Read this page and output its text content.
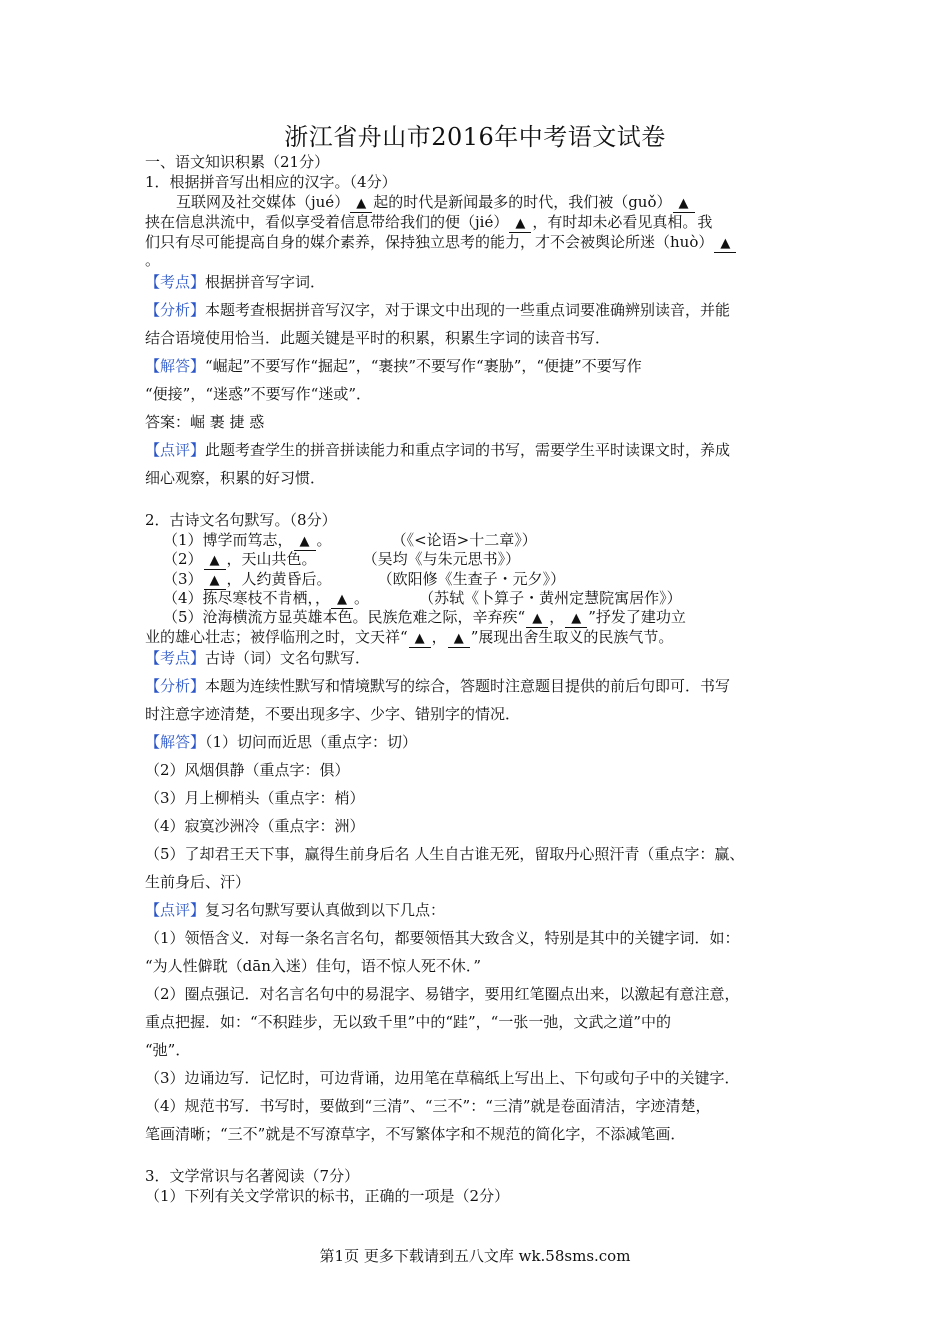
浙江省舟山市2016年中考语文试卷
一、语文知识积累（21分）
1．根据拼音写出相应的汉字。（4分）
互联网及社交媒体（jué） ▲ 起的时代是新闻最多的时代，我们被（guǒ） ▲
挟在信息洪流中，看似享受着信息带给我们的便（jié） ▲ ，有时却未必看见真相。我
们只有尽可能提高自身的媒介素养，保持独立思考的能力，才不会被舆论所迷（huò） ▲
。
【考点】根据拼音写字词．
【分析】本题考查根据拼音写汉字，对于课文中出现的一些重点词要准确辨别读音，并能
结合语境使用恰当．此题关键是平时的积累，积累生字词的读音书写．
【解答】“崛起”不要写作“掘起”，“裹挟”不要写作“裹胁”，“便捷”不要写作
“便接”，“迷惑”不要写作“迷或”．
答案：崛 裹 捷 惑
【点评】此题考查学生的拼音拼读能力和重点字词的书写，需要学生平时读课文时，养成
细心观察，积累的好习惯．
2．古诗文名句默写。（8分）
（1）博学而笃志， ▲ 。	（《<论语>十二章》）
（2） ▲ ，天山共色。	（吴均《与朱元思书》）
（3） ▲ ，人约黄昏后。	（欧阳修《生查子・元夕》）
（4）拣尽寒枝不肯栖，， ▲ 。	（苏轼《卜算子・黄州定慧院寓居作》）
（5）沧海横流方显英雄本色。民族危难之际，辛弃疾“ ▲ ， ▲ ”抒发了建功立
业的雄心壮志；被俘临刑之时，文天祥“ ▲ ， ▲ ”展现出舍生取义的民族气节。
【考点】古诗（词）文名句默写．
【分析】本题为连续性默写和情境默写的综合，答题时注意题目提供的前后句即可．书写
时注意字迹清楚，不要出现多字、少字、错别字的情况．
【解答】（1）切问而近思（重点字：切）
（2）风烟俱静（重点字：俱）
（3）月上柳梢头（重点字：梢）
（4）寂寞沙洲冷（重点字：洲）
（5）了却君王天下事，赢得生前身后名 人生自古谁无死，留取丹心照汗青（重点字：赢、
生前身后、汗）
【点评】复习名句默写要认真做到以下几点：
（1）领悟含义．对每一条名言名句，都要领悟其大致含义，特别是其中的关键字词．如：
“为人性僻耽（dān入迷）佳句，语不惊人死不休．”
（2）圈点强记．对名言名句中的易混字、易错字，要用红笔圈点出来，以激起有意注意，
重点把握．如：“不积跬步，无以致千里”中的“跬”，“一张一弛，文武之道”中的
“弛”．
（3）边诵边写．记忆时，可边背诵，边用笔在草稿纸上写出上、下句或句子中的关键字．
（4）规范书写．书写时，要做到“三清”、“三不”：“三清”就是卷面清洁，字迹清楚，
笔画清晰；“三不”就是不写潦草字，不写繁体字和不规范的简化字，不添减笔画．
3．文学常识与名著阅读（7分）
（1）下列有关文学常识的标书，正确的一项是（2分）
第1页 更多下载请到五八文库 wk.58sms.com
